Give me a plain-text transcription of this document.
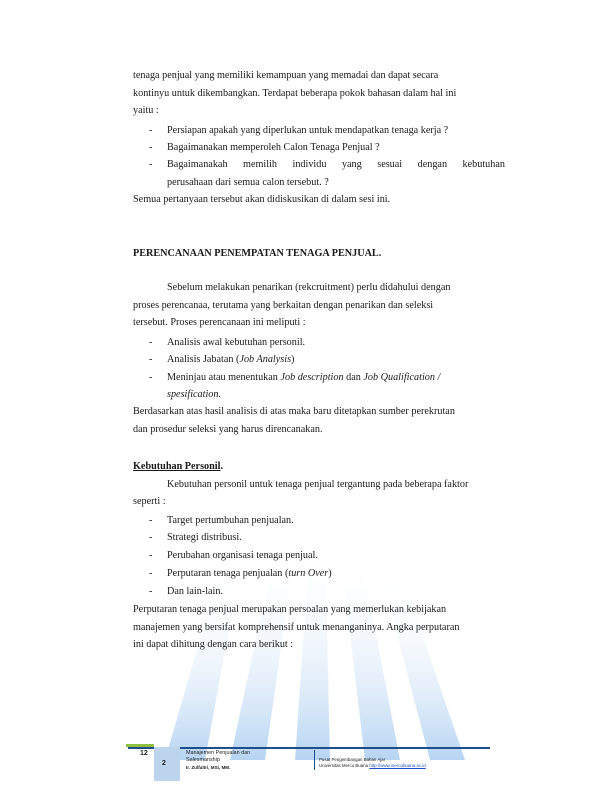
tenaga penjual yang memiliki kemampuan yang memadai dan dapat secara
kontinyu untuk dikembangkan. Terdapat beberapa pokok bahasan dalam hal ini
yaitu :
- Persiapan apakah yang diperlukan untuk mendapatkan tenaga kerja ?
- Bagaimanakan memperoleh Calon Tenaga Penjual ?
- Bagaimanakah memilih individu yang sesuai dengan kebutuhan
perusahaan dari semua calon tersebut. ?
Semua pertanyaan tersebut akan didiskusikan di dalam sesi ini.
PERENCANAAN PENEMPATAN TENAGA PENJUAL.
Sebelum melakukan penarikan (rekcruitment) perlu didahului dengan
proses perencanaa, terutama yang berkaitan dengan penarikan dan seleksi
tersebut. Proses perencanaan ini meliputi :
- Analisis awal kebutuhan personil.
- Analisis Jabatan (Job Analysis)
- Meninjau atau menentukan Job description dan Job Qualification /
spesification.
Berdasarkan atas hasil analisis di atas maka baru ditetapkan sumber perekrutan
dan prosedur seleksi yang harus direncanakan.
Kebutuhan Personil.
Kebutuhan personil untuk tenaga penjual tergantung pada beberapa faktor
seperti :
- Target pertumbuhan penjualan.
- Strategi distribusi.
- Perubahan organisasi tenaga penjual.
- Perputaran tenaga penjualan (turn Over)
- Dan lain-lain.
Perputaran tenaga penjual merupakan persoalan yang memerlukan kebijakan
manajemen yang bersifat komprehensif untuk menanganinya. Angka perputaran
ini dapat dihitung dengan cara berikut :
12
2
Manajemen Penjualan dan
Salesmanship
Ir. Zulfaltri, MSi, MM.
Pusat Pengembangan Bahan Ajar
Universitas Mercu Buana http://www.mercubuana.ac.id
